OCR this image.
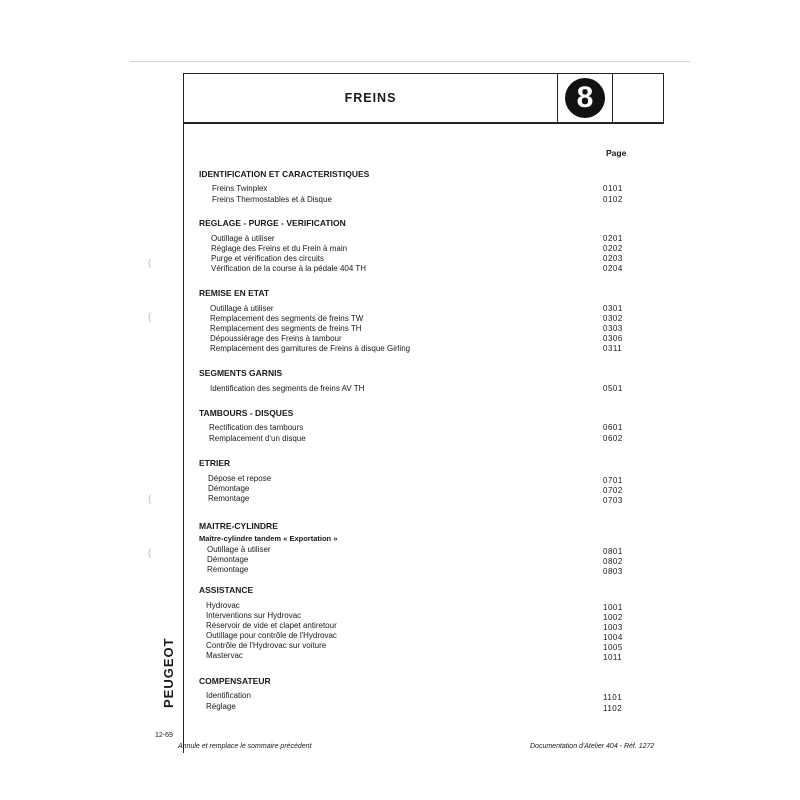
FREINS	8
Page
IDENTIFICATION ET CARACTERISTIQUES
Freins Twinplex	0101
Freins Thermostables et à Disque	0102
REGLAGE - PURGE - VERIFICATION
Outillage à utiliser	0201
Réglage des Freins et du Frein à main	0202
Purge et vérification des circuits	0203
Vérification de la course à la pédale 404 TH	0204
REMISE EN ETAT
Outillage à utiliser	0301
Remplacement des segments de freins TW	0302
Remplacement des segments de freins TH	0303
Dépoussiérage des Freins à tambour	0306
Remplacement des garnitures de Freins à disque Girling	0311
SEGMENTS GARNIS
Identification des segments de freins AV TH	0501
TAMBOURS - DISQUES
Rectification des tambours	0601
Remplacement d'un disque	0602
ETRIER
Dépose et repose	0701
Démontage	0702
Remontage	0703
MAITRE-CYLINDRE
Maître-cylindre tandem « Exportation »
Outillage à utiliser	0801
Démontage	0802
Remontage	0803
ASSISTANCE
Hydrovac	1001
Interventions sur Hydrovac	1002
Réservoir de vide et clapet antiretour	1003
Outillage pour contrôle de l'Hydrovac	1004
Contrôle de l'Hydrovac sur voiture	1005
Mastervac	1011
COMPENSATEUR
Identification	1101
Réglage	1102
(
(
(
(
PEUGEOT
12-69
Annule et remplace le sommaire précédent	Documentation d'Atelier 404 - Réf. 1272
